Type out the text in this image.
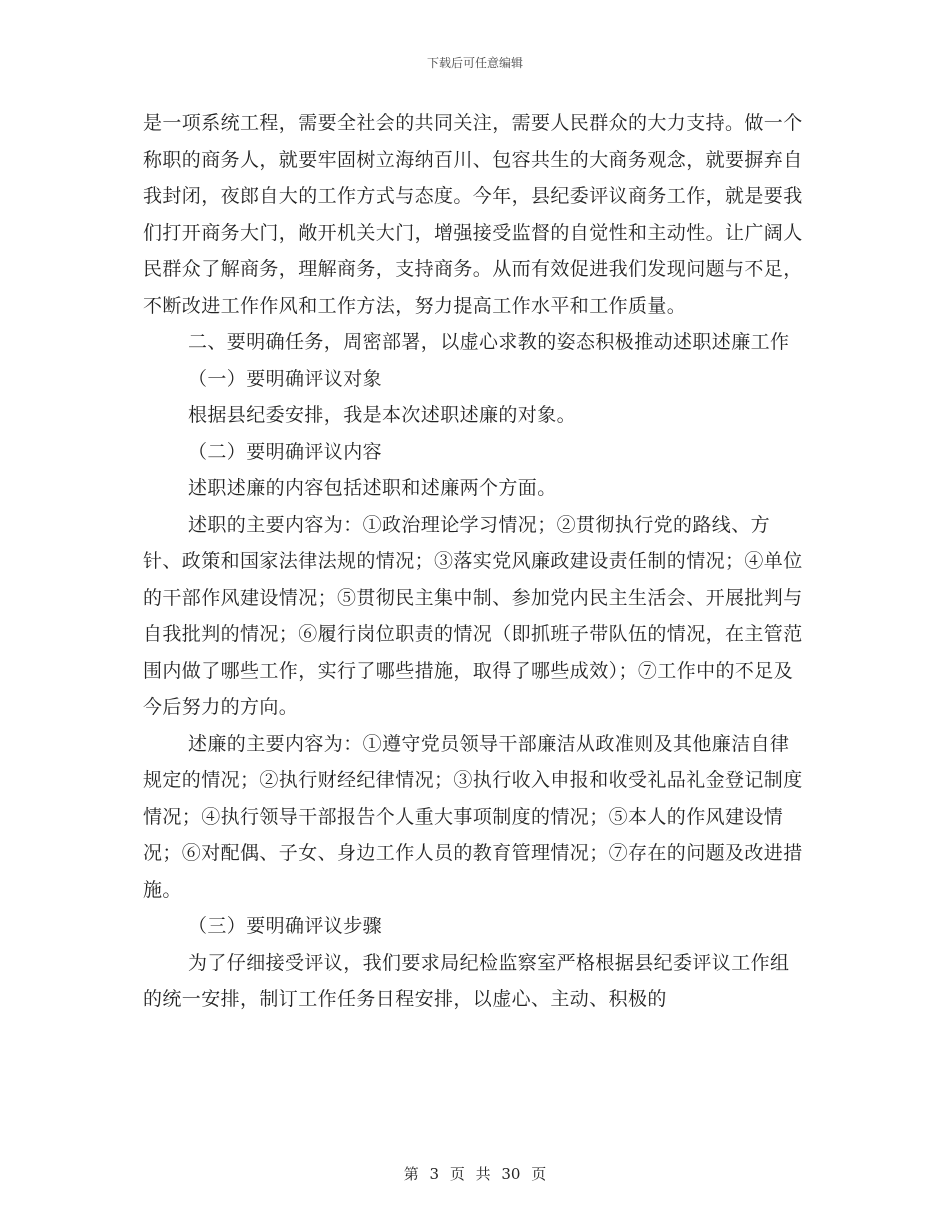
下载后可任意编辑

是一项系统工程，需要全社会的共同关注，需要人民群众的大力支持。做一个称职的商务人，就要牢固树立海纳百川、包容共生的大商务观念，就要摒弃自我封闭，夜郎自大的工作方式与态度。今年，县纪委评议商务工作，就是要我们打开商务大门，敞开机关大门，增强接受监督的自觉性和主动性。让广阔人民群众了解商务，理解商务，支持商务。从而有效促进我们发现问题与不足，不断改进工作作风和工作方法，努力提高工作水平和工作质量。

二、要明确任务，周密部署，以虚心求教的姿态积极推动述职述廉工作

（一）要明确评议对象

根据县纪委安排，我是本次述职述廉的对象。

（二）要明确评议内容

述职述廉的内容包括述职和述廉两个方面。

述职的主要内容为：①政治理论学习情况；②贯彻执行党的路线、方针、政策和国家法律法规的情况；③落实党风廉政建设责任制的情况；④单位的干部作风建设情况；⑤贯彻民主集中制、参加党内民主生活会、开展批判与自我批判的情况；⑥履行岗位职责的情况（即抓班子带队伍的情况，在主管范围内做了哪些工作，实行了哪些措施，取得了哪些成效）；⑦工作中的不足及今后努力的方向。

述廉的主要内容为：①遵守党员领导干部廉洁从政准则及其他廉洁自律规定的情况；②执行财经纪律情况；③执行收入申报和收受礼品礼金登记制度情况；④执行领导干部报告个人重大事项制度的情况；⑤本人的作风建设情况；⑥对配偶、子女、身边工作人员的教育管理情况；⑦存在的问题及改进措施。

（三）要明确评议步骤

为了仔细接受评议，我们要求局纪检监察室严格根据县纪委评议工作组的统一安排，制订工作任务日程安排，以虚心、主动、积极的

第 3 页 共 30 页
